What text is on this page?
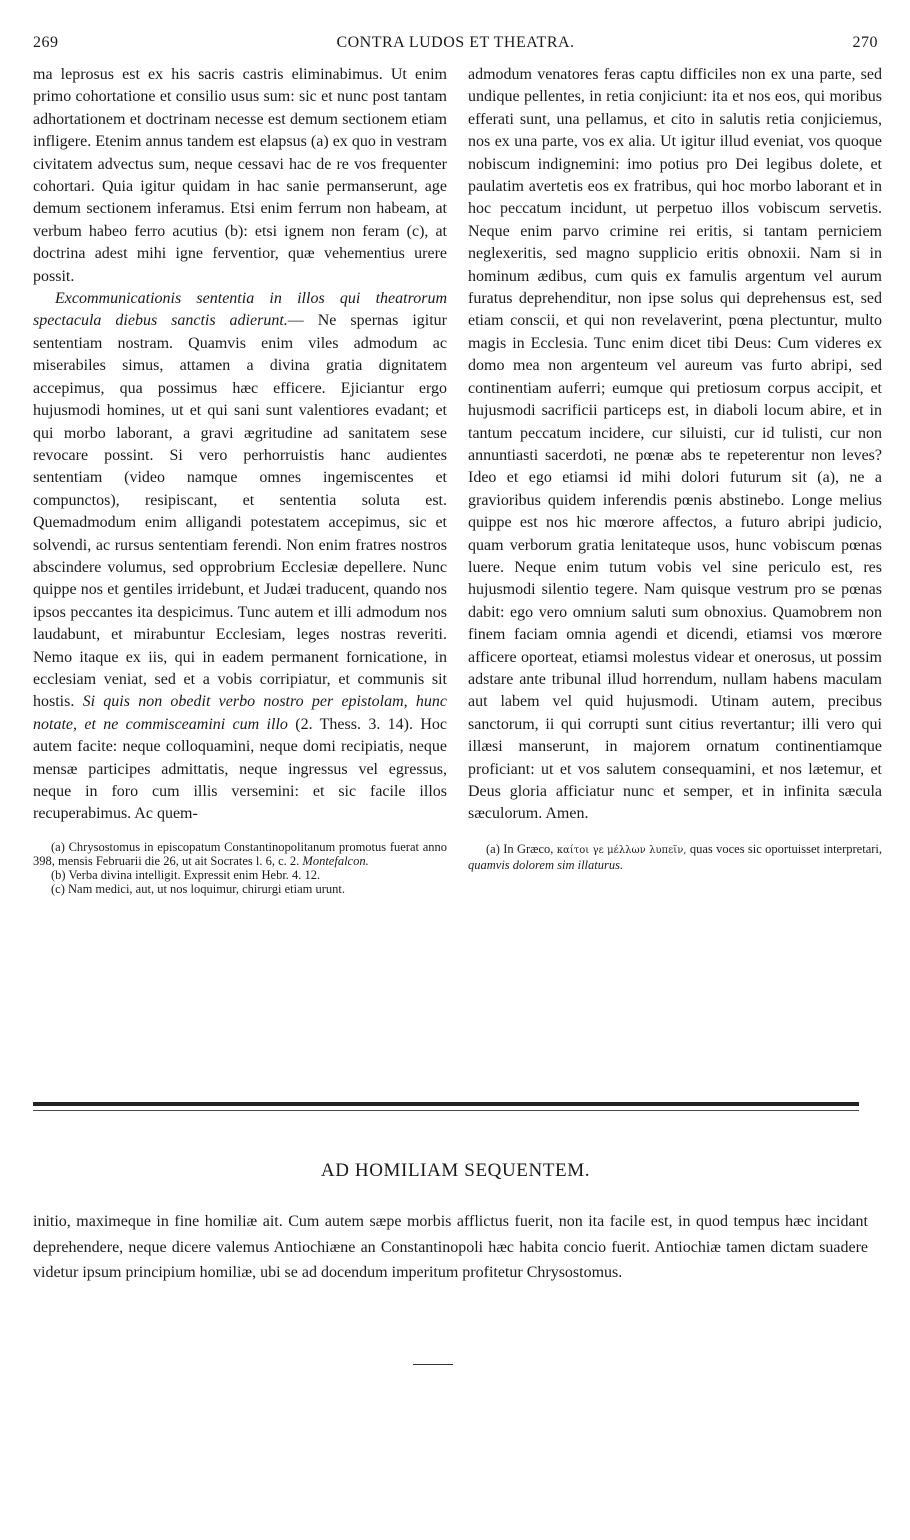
269	CONTRA LUDOS ET THEATRA.	270

ma leprosus est ex his sacris castris eliminabimus. Ut enim primo cohortatione et consilio usus sum: sic et nunc post tantam adhortationem et doctrinam necesse est demum sectionem etiam infligere. Etenim annus tandem est elapsus (a) ex quo in vestram civitatem advectus sum, neque cessavi hac de re vos frequenter cohortari. Quia igitur quidam in hac sanie permanserunt, age demum sectionem inferamus. Etsi enim ferrum non habeam, at verbum habeo ferro acutius (b): etsi ignem non feram (c), at doctrina adest mihi igne ferventior, quæ vehementius urere possit.

Excommunicationis sententia in illos qui theatrorum spectacula diebus sanctis adierunt.— Ne spernas igitur sententiam nostram. Quamvis enim viles admodum ac miserabiles simus, attamen a divina gratia dignitatem accepimus, qua possimus hæc efficere. Ejiciantur ergo hujusmodi homines, ut et qui sani sunt valentiores evadant; et qui morbo laborant, a gravi ægritudine ad sanitatem sese revocare possint. Si vero perhorruistis hanc audientes sententiam (video namque omnes ingemiscentes et compunctos), resipiscant, et sententia soluta est. Quemadmodum enim alligandi potestatem accepimus, sic et solvendi, ac rursus sententiam ferendi. Non enim fratres nostros abscindere volumus, sed opprobrium Ecclesiæ depellere. Nunc quippe nos et gentiles irridebunt, et Judæi traducent, quando nos ipsos peccantes ita despicimus. Tunc autem et illi admodum nos laudabunt, et mirabuntur Ecclesiam, leges nostras reveriti. Nemo itaque ex iis, qui in eadem permanent fornicatione, in ecclesiam veniat, sed et a vobis corripiatur, et communis sit hostis. Si quis non obedit verbo nostro per epistolam, hunc notate, et ne commisceamini cum illo (2. Thess. 3. 14). Hoc autem facite: neque colloquamini, neque domi recipiatis, neque mensæ participes admittatis, neque ingressus vel egressus, neque in foro cum illis versemini: et sic facile illos recuperabimus. Ac quem-

(a) Chrysostomus in episcopatum Constantinopolitanum promotus fuerat anno 398, mensis Februarii die 26, ut ait Socrates l. 6, c. 2. Montefalcon.
(b) Verba divina intelligit. Expressit enim Hebr. 4. 12.
(c) Nam medici, aut, ut nos loquimur, chirurgi etiam urunt.

admodum venatores feras captu difficiles non ex una parte, sed undique pellentes, in retia conjiciunt: ita et nos eos, qui moribus efferati sunt, una pellamus, et cito in salutis retia conjiciemus, nos ex una parte, vos ex alia. Ut igitur illud eveniat, vos quoque nobiscum indignemini: imo potius pro Dei legibus dolete, et paulatim avertetis eos ex fratribus, qui hoc morbo laborant et in hoc peccatum incidunt, ut perpetuo illos vobiscum servetis. Neque enim parvo crimine rei eritis, si tantam perniciem neglexeritis, sed magno supplicio eritis obnoxii. Nam si in hominum ædibus, cum quis ex famulis argentum vel aurum furatus deprehenditur, non ipse solus qui deprehensus est, sed etiam conscii, et qui non revelaverint, pœna plectuntur, multo magis in Ecclesia. Tunc enim dicet tibi Deus: Cum videres ex domo mea non argenteum vel aureum vas furto abripi, sed continentiam auferri; eumque qui pretiosum corpus accipit, et hujusmodi sacrificii particeps est, in diaboli locum abire, et in tantum peccatum incidere, cur siluisti, cur id tulisti, cur non annuntiasti sacerdoti, ne pœnæ abs te repeterentur non leves? Ideo et ego etiamsi id mihi dolori futurum sit (a), ne a gravioribus quidem inferendis pœnis abstinebo. Longe melius quippe est nos hic mœrore affectos, a futuro abripi judicio, quam verborum gratia lenitateque usos, hunc vobiscum pœnas luere. Neque enim tutum vobis vel sine periculo est, res hujusmodi silentio tegere. Nam quisque vestrum pro se pœnas dabit: ego vero omnium saluti sum obnoxius. Quamobrem non finem faciam omnia agendi et dicendi, etiamsi vos mœrore afficere oporteat, etiamsi molestus videar et onerosus, ut possim adstare ante tribunal illud horrendum, nullam habens maculam aut labem vel quid hujusmodi. Utinam autem, precibus sanctorum, ii qui corrupti sunt citius revertantur; illi vero qui illæsi manserunt, in majorem ornatum continentiamque proficiant: ut et vos salutem consequamini, et nos lætemur, et Deus gloria afficiatur nunc et semper, et in infinita sæcula sæculorum. Amen.

(a) In Græco, καίτοι γε μέλλων λυπεῖν, quas voces sic oportuisset interpretari, quamvis dolorem sim illaturus.
AD HOMILIAM SEQUENTEM.

initio, maximeque in fine homiliæ ait. Cum autem sæpe morbis afflictus fuerit, non ita facile est, in quod tempus hæc incidant deprehendere, neque dicere valemus Antiochiæne an Constantinopoli hæc habita concio fuerit. Antiochiæ tamen dictam suadere videtur ipsum principium homiliæ, ubi se ad docendum imperitum profitetur Chrysostomus.
